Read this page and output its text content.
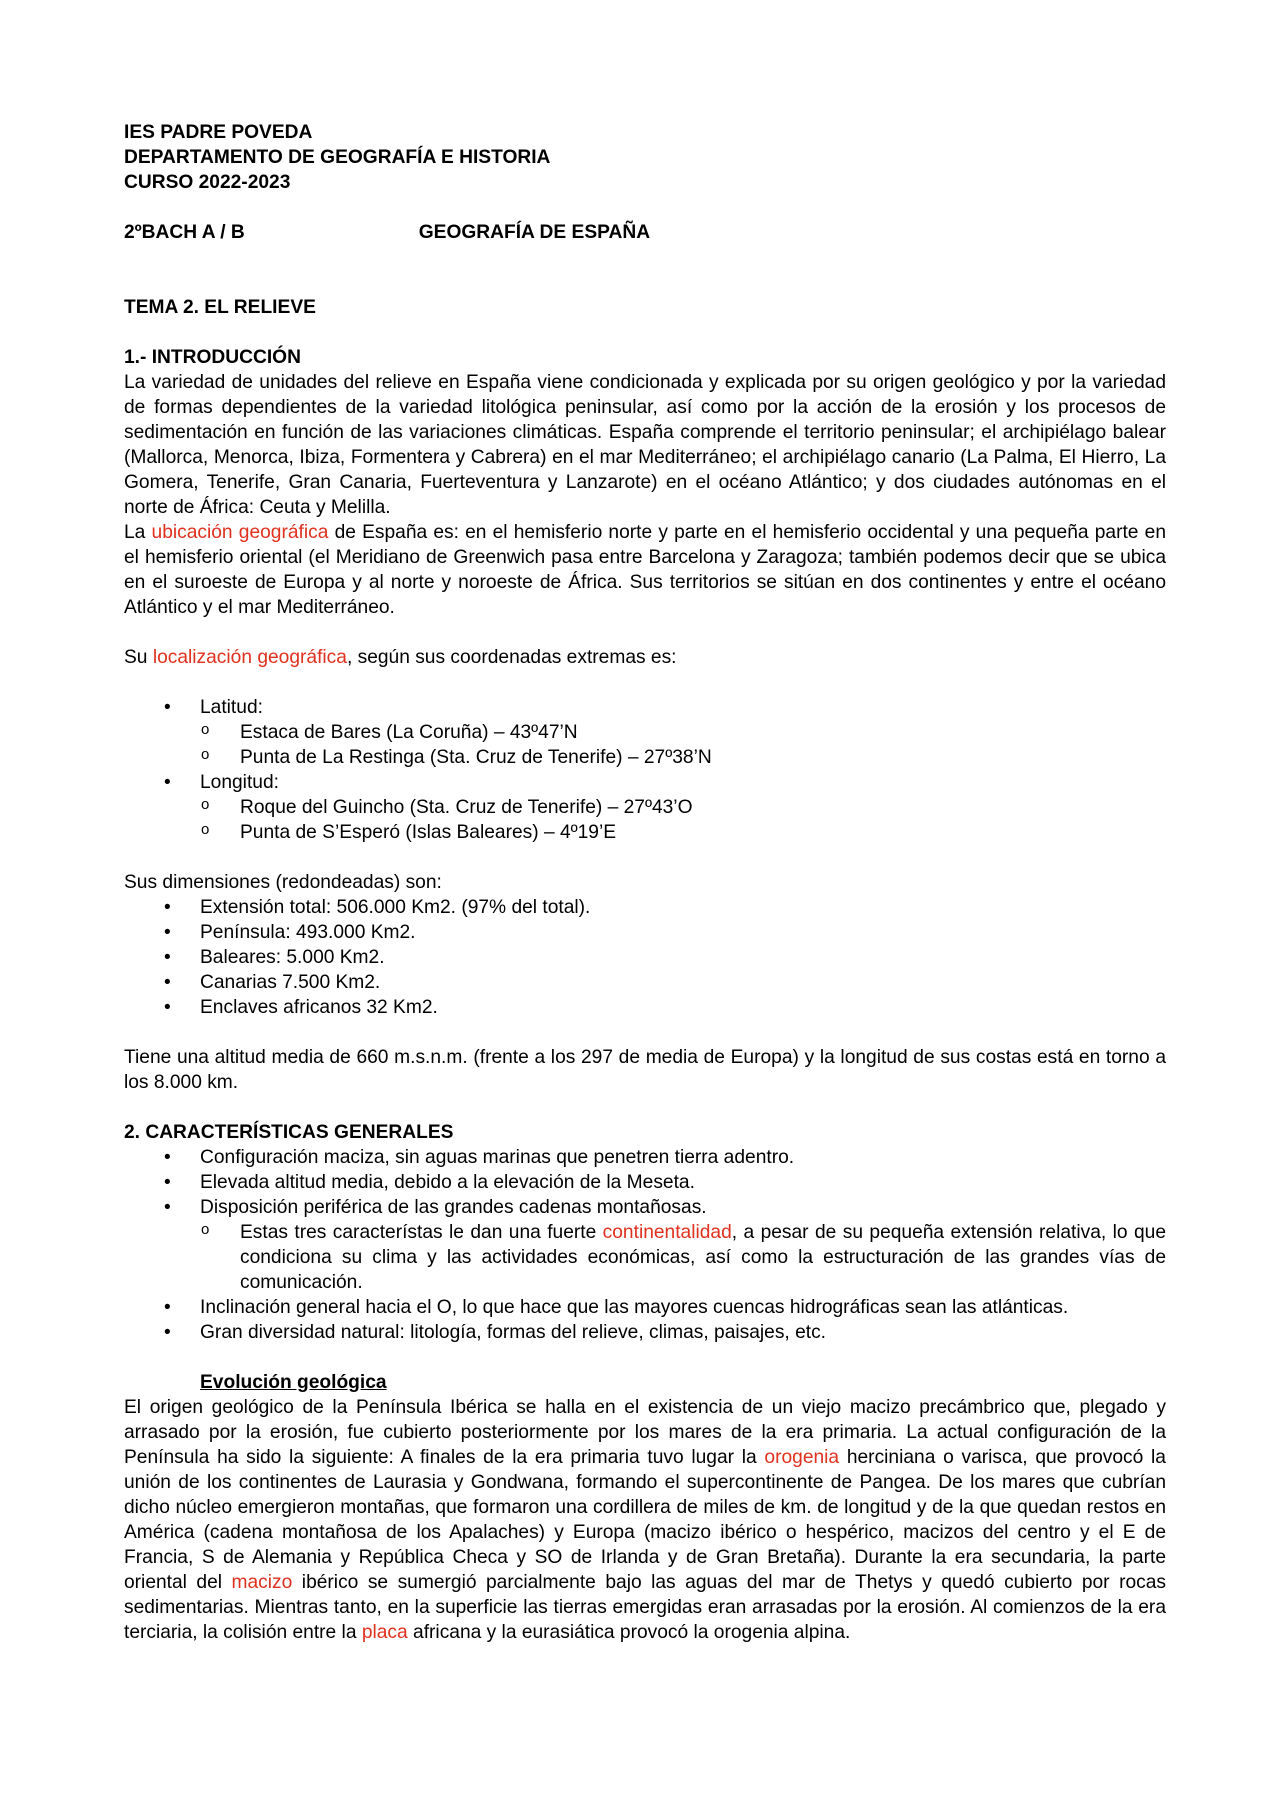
IES PADRE POVEDA

DEPARTAMENTO DE GEOGRAFÍA E HISTORIA

CURSO 2022-2023

2ºBACH A / B	GEOGRAFÍA DE ESPAÑA

TEMA 2. EL RELIEVE

1.- INTRODUCCIÓN

La variedad de unidades del relieve en España viene condicionada y explicada por su origen geológico y por la variedad de formas dependientes de la variedad litológica peninsular, así como por la acción de la erosión y los procesos de sedimentación en función de las variaciones climáticas. España comprende el territorio peninsular; el archipiélago balear (Mallorca, Menorca, Ibiza, Formentera y Cabrera) en el mar Mediterráneo; el archipiélago canario (La Palma, El Hierro, La Gomera, Tenerife, Gran Canaria, Fuerteventura y Lanzarote) en el océano Atlántico; y dos ciudades autónomas en el norte de África: Ceuta y Melilla.

La ubicación geográfica de España es: en el hemisferio norte y parte en el hemisferio occidental y una pequeña parte en el hemisferio oriental (el Meridiano de Greenwich pasa entre Barcelona y Zaragoza; también podemos decir que se ubica en el suroeste de Europa y al norte y noroeste de África. Sus territorios se sitúan en dos continentes y entre el océano Atlántico y el mar Mediterráneo.

Su localización geográfica, según sus coordenadas extremas es:

• Latitud:
o Estaca de Bares (La Coruña) – 43º47’N
o Punta de La Restinga (Sta. Cruz de Tenerife) – 27º38’N
• Longitud:
o Roque del Guincho (Sta. Cruz de Tenerife) – 27º43’O
o Punta de S’Esperó (Islas Baleares) – 4º19’E

Sus dimensiones (redondeadas) son:

• Extensión total: 506.000 Km2. (97% del total).
• Península: 493.000 Km2.
• Baleares: 5.000 Km2.
• Canarias 7.500 Km2.
• Enclaves africanos 32 Km2.

Tiene una altitud media de 660 m.s.n.m. (frente a los 297 de media de Europa) y la longitud de sus costas está en torno a los 8.000 km.

2. CARACTERÍSTICAS GENERALES

• Configuración maciza, sin aguas marinas que penetren tierra adentro.
• Elevada altitud media, debido a la elevación de la Meseta.
• Disposición periférica de las grandes cadenas montañosas.
o Estas tres característas le dan una fuerte continentalidad, a pesar de su pequeña extensión relativa, lo que condiciona su clima y las actividades económicas, así como la estructuración de las grandes vías de comunicación.
• Inclinación general hacia el O, lo que hace que las mayores cuencas hidrográficas sean las atlánticas.
• Gran diversidad natural: litología, formas del relieve, climas, paisajes, etc.

Evolución geológica

El origen geológico de la Península Ibérica se halla en el existencia de un viejo macizo precámbrico que, plegado y arrasado por la erosión, fue cubierto posteriormente por los mares de la era primaria. La actual configuración de la Península ha sido la siguiente: A finales de la era primaria tuvo lugar la orogenia herciniana o varisca, que provocó la unión de los continentes de Laurasia y Gondwana, formando el supercontinente de Pangea. De los mares que cubrían dicho núcleo emergieron montañas, que formaron una cordillera de miles de km. de longitud y de la que quedan restos en América (cadena montañosa de los Apalaches) y Europa (macizo ibérico o hespérico, macizos del centro y el E de Francia, S de Alemania y República Checa y SO de Irlanda y de Gran Bretaña). Durante la era secundaria, la parte oriental del macizo ibérico se sumergió parcialmente bajo las aguas del mar de Thetys y quedó cubierto por rocas sedimentarias. Mientras tanto, en la superficie las tierras emergidas eran arrasadas por la erosión. Al comienzos de la era terciaria, la colisión entre la placa africana y la eurasiática provocó la orogenia alpina.
